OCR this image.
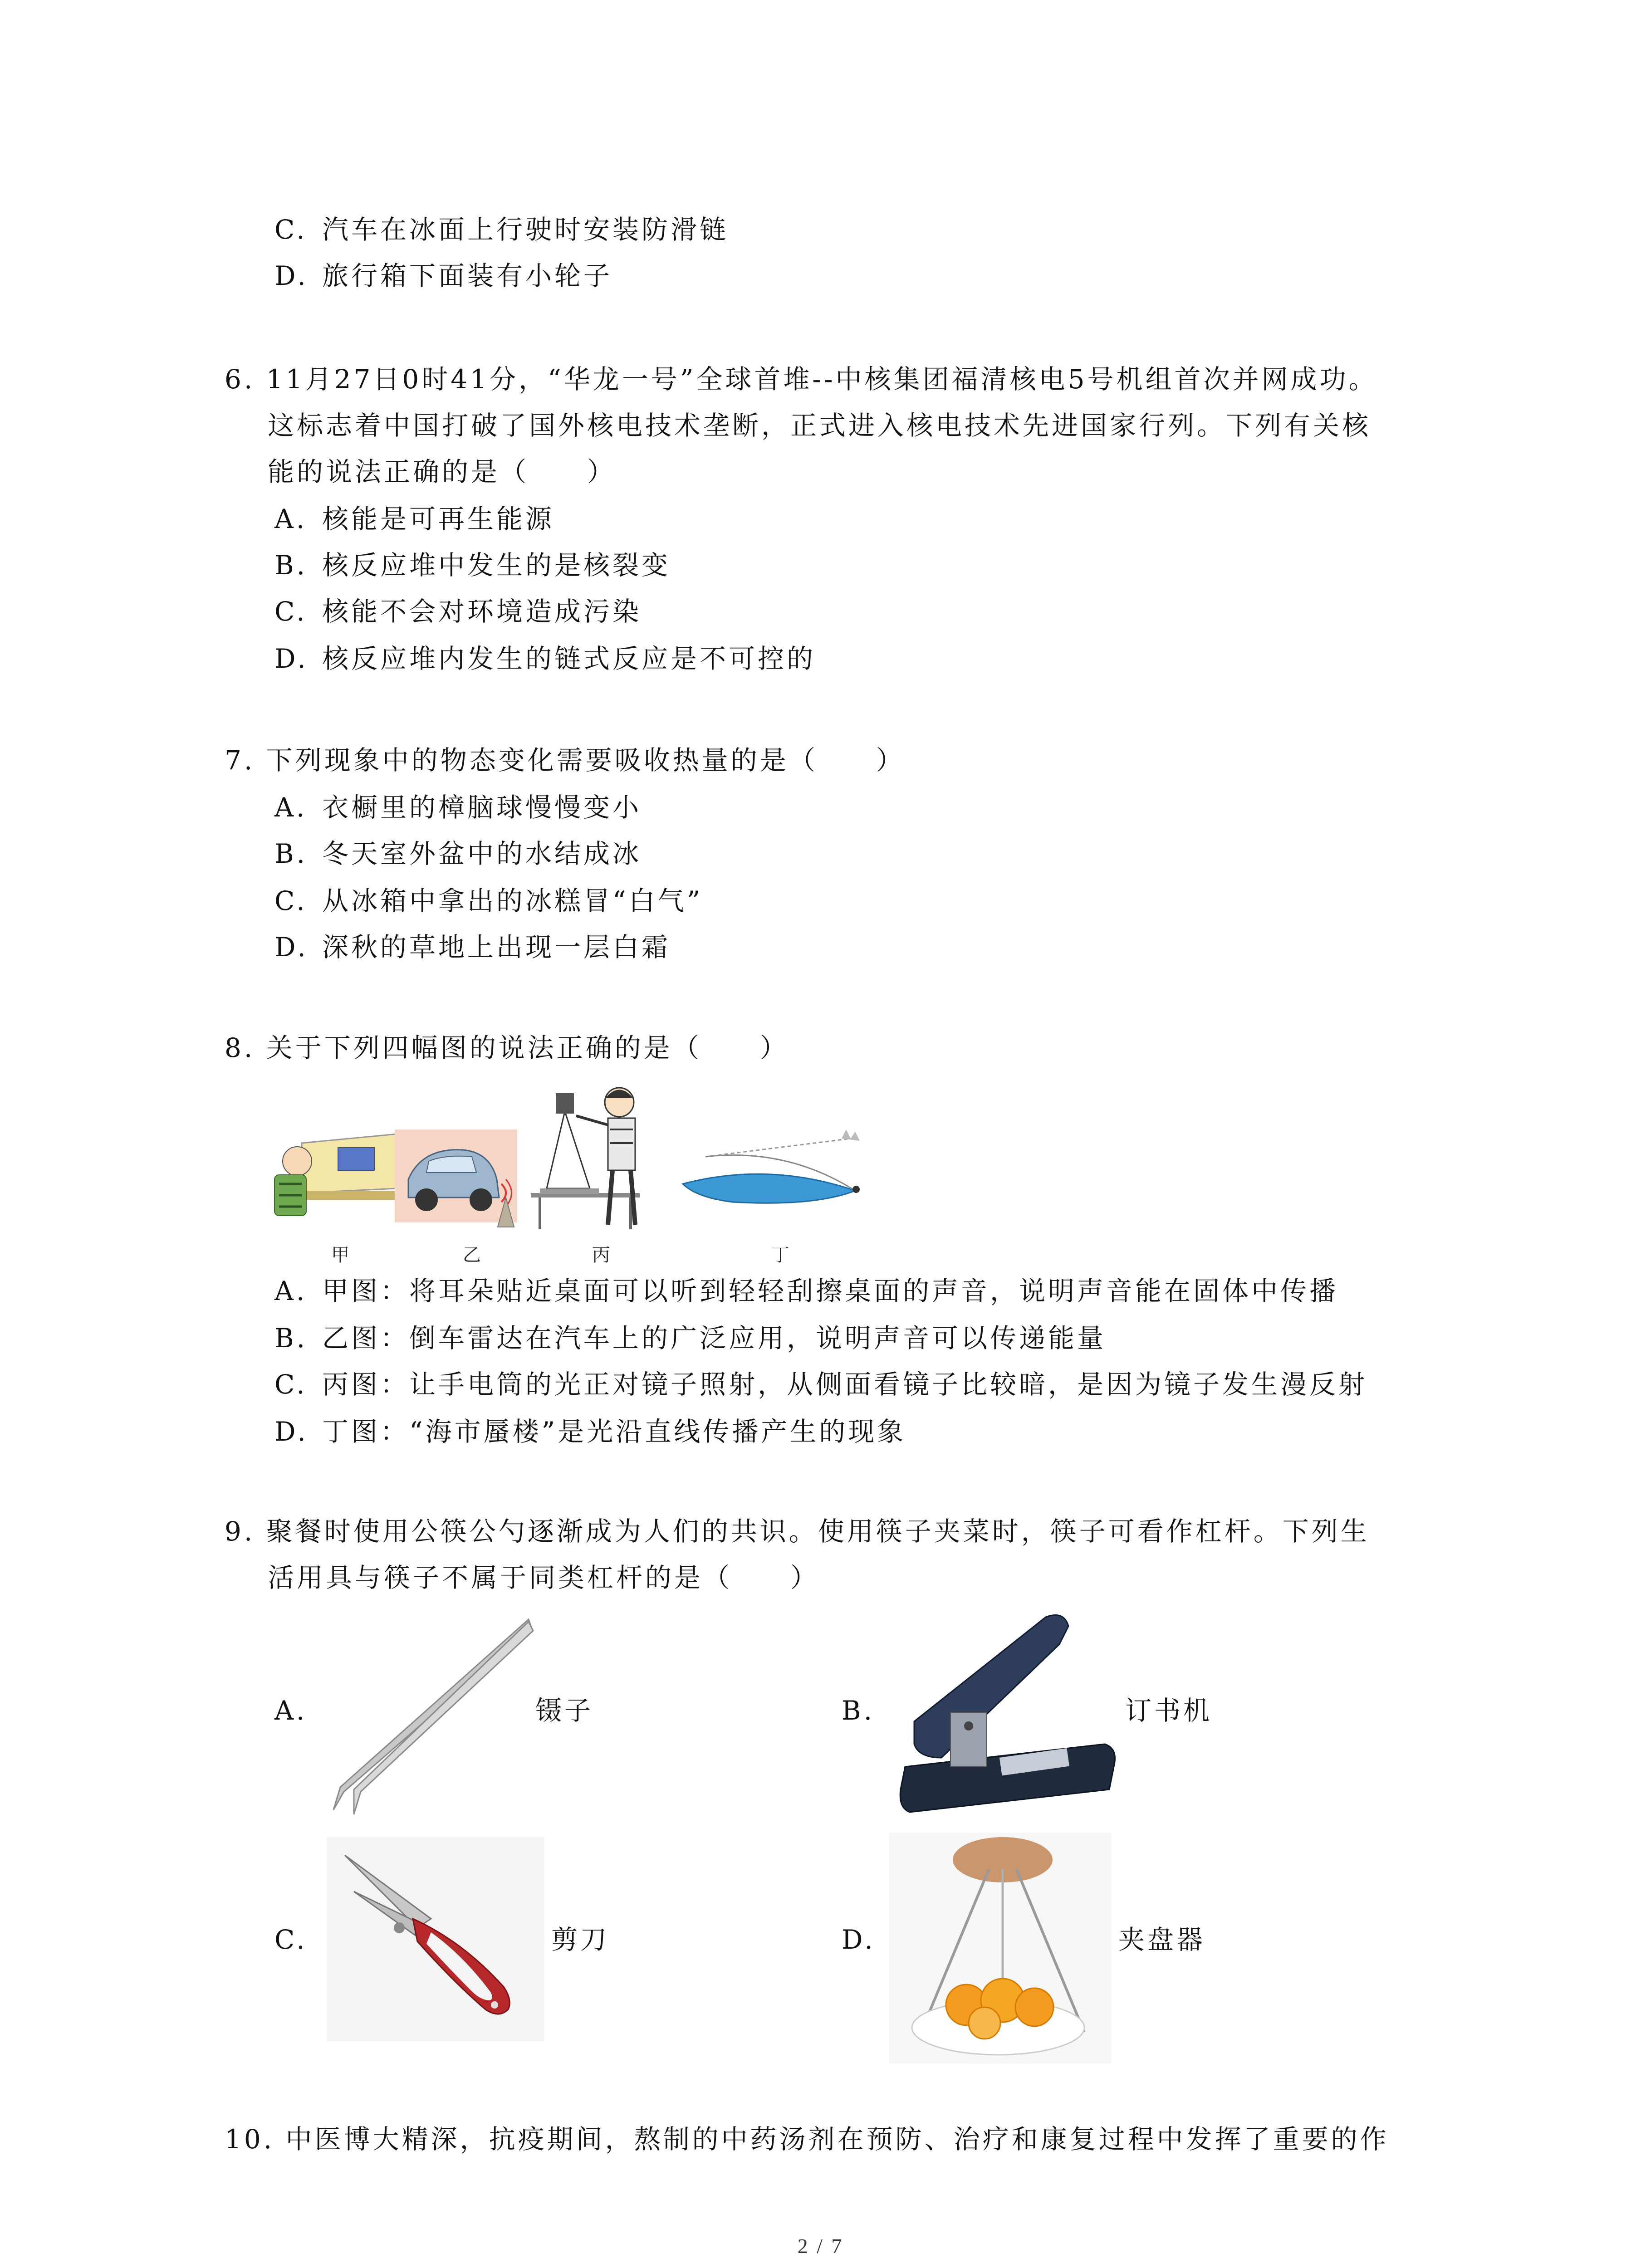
C. 汽车在冰面上行驶时安装防滑链
D. 旅行箱下面装有小轮子
6. 11月27日0时41分，“华龙一号”全球首堆--中核集团福清核电5号机组首次并网成功。
这标志着中国打破了国外核电技术垄断，正式进入核电技术先进国家行列。下列有关核
能的说法正确的是（　　）
A. 核能是可再生能源
B. 核反应堆中发生的是核裂变
C. 核能不会对环境造成污染
D. 核反应堆内发生的链式反应是不可控的
7. 下列现象中的物态变化需要吸收热量的是（　　）
A. 衣橱里的樟脑球慢慢变小
B. 冬天室外盆中的水结成冰
C. 从冰箱中拿出的冰糕冒“白气”
D. 深秋的草地上出现一层白霜
8. 关于下列四幅图的说法正确的是（　　）
甲	乙	丙	丁
A. 甲图：将耳朵贴近桌面可以听到轻轻刮擦桌面的声音，说明声音能在固体中传播
B. 乙图：倒车雷达在汽车上的广泛应用，说明声音可以传递能量
C. 丙图：让手电筒的光正对镜子照射，从侧面看镜子比较暗，是因为镜子发生漫反射
D. 丁图：“海市蜃楼”是光沿直线传播产生的现象
9. 聚餐时使用公筷公勺逐渐成为人们的共识。使用筷子夹菜时，筷子可看作杠杆。下列生
活用具与筷子不属于同类杠杆的是（　　）
A.	镊子	B.	订书机
C.	剪刀	D.	夹盘器
10. 中医博大精深，抗疫期间，熬制的中药汤剂在预防、治疗和康复过程中发挥了重要的作
2 / 7
